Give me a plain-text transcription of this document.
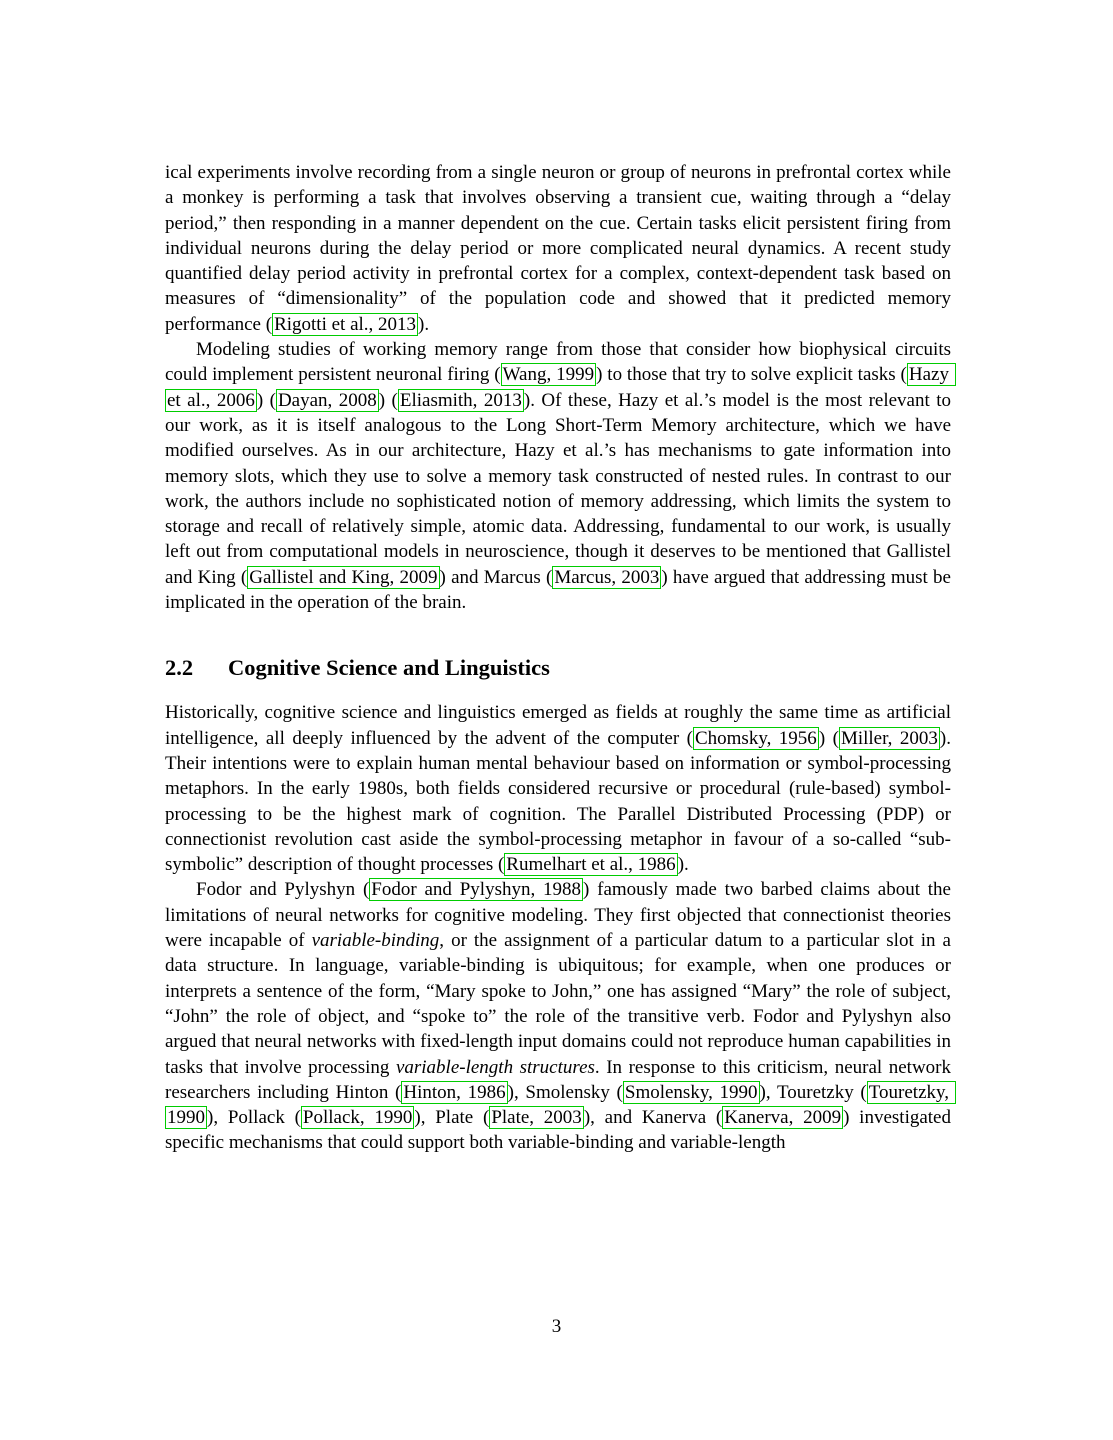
ical experiments involve recording from a single neuron or group of neurons in prefrontal cortex while a monkey is performing a task that involves observing a transient cue, waiting through a “delay period,” then responding in a manner dependent on the cue. Certain tasks elicit persistent firing from individual neurons during the delay period or more complicated neural dynamics. A recent study quantified delay period activity in prefrontal cortex for a complex, context-dependent task based on measures of “dimensionality” of the population code and showed that it predicted memory performance ( Rigotti et al., 2013 ).

Modeling studies of working memory range from those that consider how biophysical circuits could implement persistent neuronal firing ( Wang, 1999 ) to those that try to solve explicit tasks ( Hazy et al., 2006 ) ( Dayan, 2008 ) ( Eliasmith, 2013 ). Of these, Hazy et al.’s model is the most relevant to our work, as it is itself analogous to the Long Short-Term Memory architecture, which we have modified ourselves. As in our architecture, Hazy et al.’s has mechanisms to gate information into memory slots, which they use to solve a memory task constructed of nested rules. In contrast to our work, the authors include no sophisticated notion of memory addressing, which limits the system to storage and recall of relatively simple, atomic data. Addressing, fundamental to our work, is usually left out from computational models in neuroscience, though it deserves to be mentioned that Gallistel and King ( Gallistel and King, 2009 ) and Marcus ( Marcus, 2003 ) have argued that addressing must be implicated in the operation of the brain.

2.2 Cognitive Science and Linguistics

Historically, cognitive science and linguistics emerged as fields at roughly the same time as artificial intelligence, all deeply influenced by the advent of the computer ( Chomsky, 1956 ) ( Miller, 2003 ). Their intentions were to explain human mental behaviour based on information or symbol-processing metaphors. In the early 1980s, both fields considered recursive or procedural (rule-based) symbol-processing to be the highest mark of cognition. The Parallel Distributed Processing (PDP) or connectionist revolution cast aside the symbol-processing metaphor in favour of a so-called “sub-symbolic” description of thought processes ( Rumelhart et al., 1986 ).

Fodor and Pylyshyn ( Fodor and Pylyshyn, 1988 ) famously made two barbed claims about the limitations of neural networks for cognitive modeling. They first objected that connectionist theories were incapable of variable-binding, or the assignment of a particular datum to a particular slot in a data structure. In language, variable-binding is ubiquitous; for example, when one produces or interprets a sentence of the form, “Mary spoke to John,” one has assigned “Mary” the role of subject, “John” the role of object, and “spoke to” the role of the transitive verb. Fodor and Pylyshyn also argued that neural networks with fixed-length input domains could not reproduce human capabilities in tasks that involve processing variable-length structures. In response to this criticism, neural network researchers including Hinton ( Hinton, 1986 ), Smolensky ( Smolensky, 1990 ), Touretzky ( Touretzky, 1990 ), Pollack ( Pollack, 1990 ), Plate ( Plate, 2003 ), and Kanerva ( Kanerva, 2009 ) investigated specific mechanisms that could support both variable-binding and variable-length

3
